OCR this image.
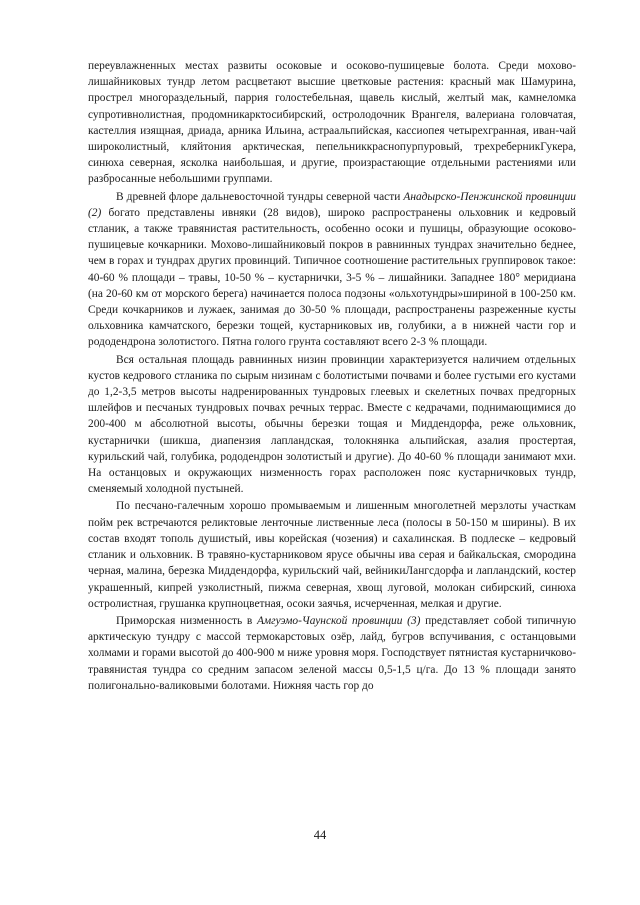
переувлажненных местах развиты осоковые и осоково-пушицевые болота. Среди мохово-лишайниковых тундр летом расцветают высшие цветковые растения: красный мак Шамурина, прострел многораздельный, паррия голостебельная, щавель кислый, желтый мак, камнеломка супротивнолистная, продомникарктосибирский, остролодочник Врангеля, валериана головчатая, кастеллия изящная, дриада, арника Ильина, астраальпийская, кассиопея четырехгранная, иван-чай широколистный, кляйтония арктическая, пепельниккраснопурпуровый, трехреберникГукера, синюха северная, ясколка наибольшая, и другие, произрастающие отдельными растениями или разбросанные небольшими группами.

В древней флоре дальневосточной тундры северной части Анадырско-Пенжинской провинции (2) богато представлены ивняки (28 видов), широко распространены ольховник и кедровый стланик, а также травянистая растительность, особенно осоки и пушицы, образующие осоково-пушицевые кочкарники. Мохово-лишайниковый покров в равнинных тундрах значительно беднее, чем в горах и тундрах других провинций. Типичное соотношение растительных группировок такое: 40-60 % площади – травы, 10-50 % – кустарнички, 3-5 % – лишайники. Западнее 180° меридиана (на 20-60 км от морского берега) начинается полоса подзоны «ольхотундры»шириной в 100-250 км. Среди кочкарников и лужаек, занимая до 30-50 % площади, распространены разреженные кусты ольховника камчатского, березки тощей, кустарниковых ив, голубики, а в нижней части гор и рододендрона золотистого. Пятна голого грунта составляют всего 2-3 % площади.

Вся остальная площадь равнинных низин провинции характеризуется наличием отдельных кустов кедрового стланика по сырым низинам с болотистыми почвами и более густыми его кустами до 1,2-3,5 метров высоты надренированных тундровых глеевых и скелетных почвах предгорных шлейфов и песчаных тундровых почвах речных террас. Вместе с кедрачами, поднимающимися до 200-400 м абсолютной высоты, обычны березки тощая и Миддендорфа, реже ольховник, кустарнички (шикша, диапензия лапландская, толокнянка альпийская, азалия простертая, курильский чай, голубика, рододендрон золотистый и другие). До 40-60 % площади занимают мхи. На останцовых и окружающих низменность горах расположен пояс кустарничковых тундр, сменяемый холодной пустыней.

По песчано-галечным хорошо промываемым и лишенным многолетней мерзлоты участкам пойм рек встречаются реликтовые ленточные лиственные леса (полосы в 50-150 м ширины). В их состав входят тополь душистый, ивы корейская (чозения) и сахалинская. В подлеске – кедровый стланик и ольховник. В травяно-кустарниковом ярусе обычны ива серая и байкальская, смородина черная, малина, березка Миддендорфа, курильский чай, вейникиЛангсдорфа и лапландский, костер украшенный, кипрей узколистный, пижма северная, хвощ луговой, молокан сибирский, синюха остролистная, грушанка крупноцветная, осоки заячья, исчерченная, мелкая и другие.

Приморская низменность в Амгуэмо-Чаунской провинции (3) представляет собой типичную арктическую тундру с массой термокарстовых озёр, лайд, бугров вспучивания, с останцовыми холмами и горами высотой до 400-900 м ниже уровня моря. Господствует пятнистая кустарничково-травянистая тундра со средним запасом зеленой массы 0,5-1,5 ц/га. До 13 % площади занято полигонально-валиковыми болотами. Нижняя часть гор до

44
